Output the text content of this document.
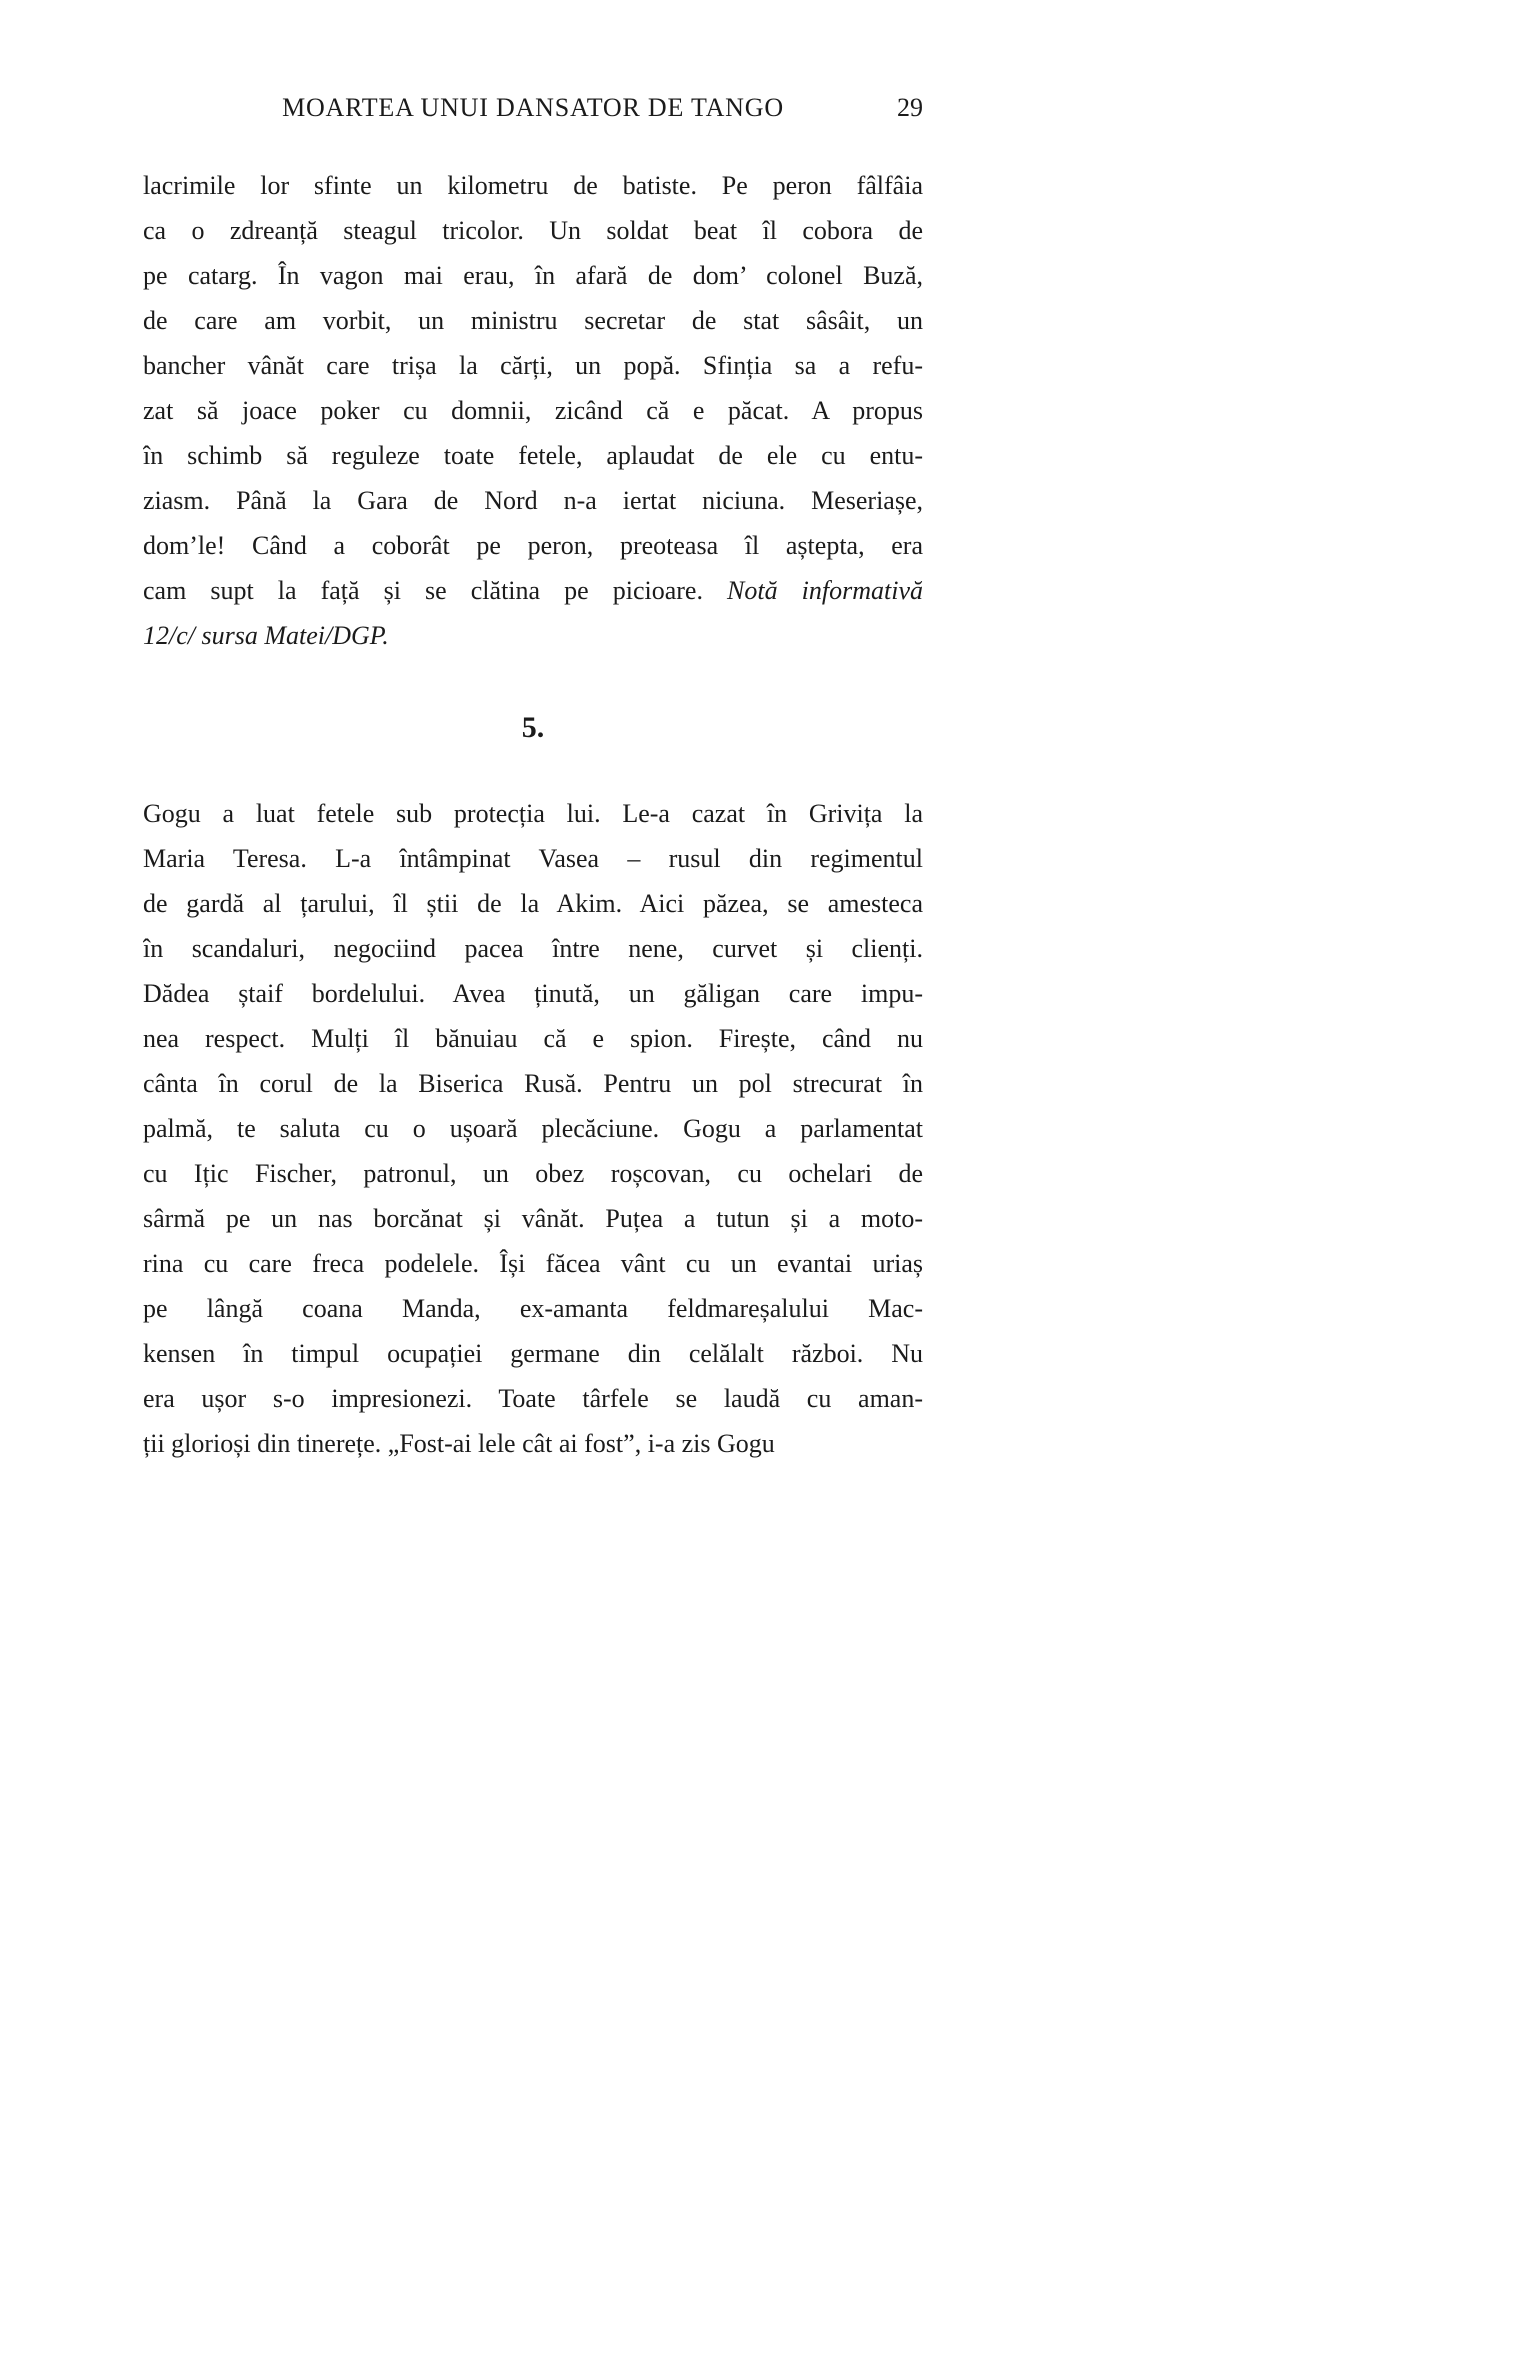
MOARTEA UNUI DANSATOR DE TANGO	29

lacrimile lor sfinte un kilometru de batiste. Pe peron fâlfâia
ca o zdreanță steagul tricolor. Un soldat beat îl cobora de
pe catarg. În vagon mai erau, în afară de dom’ colonel Buză,
de care am vorbit, un ministru secretar de stat sâsâit, un
bancher vânăt care trișa la cărți, un popă. Sfinția sa a refu-
zat să joace poker cu domnii, zicând că e păcat. A propus
în schimb să reguleze toate fetele, aplaudat de ele cu entu-
ziasm. Până la Gara de Nord n-a iertat niciuna. Meseriașe,
dom’le! Când a coborât pe peron, preoteasa îl aștepta, era
cam supt la față și se clătina pe picioare. Notă informativă
12/c/ sursa Matei/DGP.

5.

Gogu a luat fetele sub protecția lui. Le-a cazat în Grivița la
Maria Teresa. L-a întâmpinat Vasea – rusul din regimentul
de gardă al țarului, îl știi de la Akim. Aici păzea, se amesteca
în scandaluri, negociind pacea între nene, curvet și clienți.
Dădea ștaif bordelului. Avea ținută, un găligan care impu-
nea respect. Mulți îl bănuiau că e spion. Firește, când nu
cânta în corul de la Biserica Rusă. Pentru un pol strecurat în
palmă, te saluta cu o ușoară plecăciune. Gogu a parlamentat
cu Ițic Fischer, patronul, un obez roșcovan, cu ochelari de
sârmă pe un nas borcănat și vânăt. Puțea a tutun și a moto-
rina cu care freca podelele. Își făcea vânt cu un evantai uriaș
pe lângă coana Manda, ex-amanta feldmareșalului Mac-
kensen în timpul ocupației germane din celălalt război. Nu
era ușor s-o impresionezi. Toate târfele se laudă cu aman-
ții glorioși din tinerețe. „Fost-ai lele cât ai fost”, i-a zis Gogu
